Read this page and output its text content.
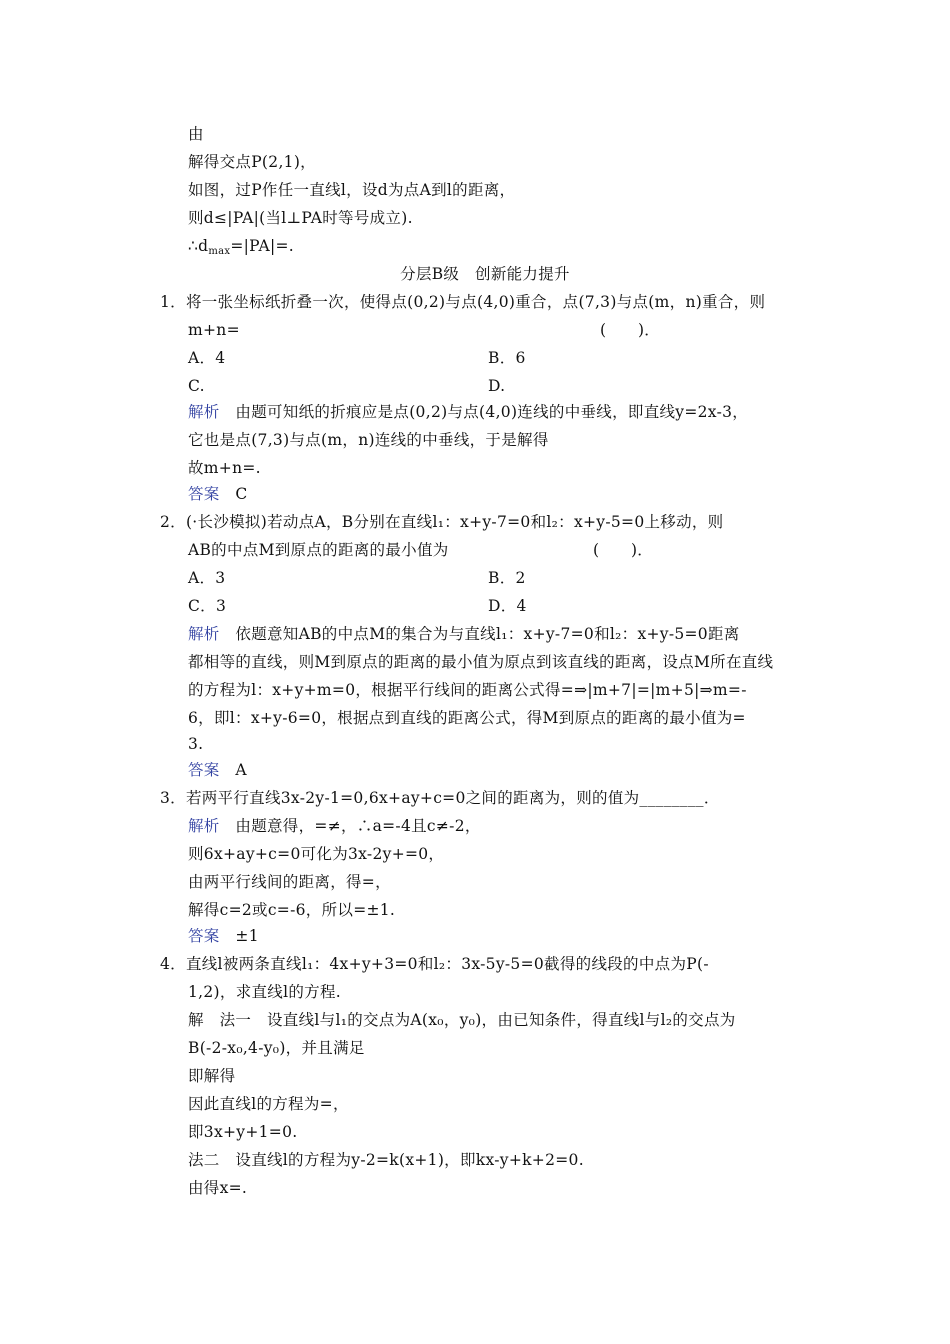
由
解得交点P(2,1)，
如图，过P作任一直线l，设d为点A到l的距离，
则d≤|PA|(当l⊥PA时等号成立).
$\therefore d_{max}=|PA|=$.
分层B级　创新能力提升
1．将一张坐标纸折叠一次，使得点(0,2)与点(4,0)重合，点(7,3)与点(m，n)重合，则
m+n=	(　　)．
A．4	B．6
C.	D.
解析　由题可知纸的折痕应是点(0,2)与点(4,0)连线的中垂线，即直线y=2x-3，
它也是点(7,3)与点(m，n)连线的中垂线，于是解得
故m+n=.
答案　C
2．(·长沙模拟)若动点A，B分别在直线l₁：x+y-7=0和l₂：x+y-5=0上移动，则
AB的中点M到原点的距离的最小值为	(　　)．
A．3	B．2
C．3	D．4
解析　依题意知AB的中点M的集合为与直线l₁：x+y-7=0和l₂：x+y-5=0距离
都相等的直线，则M到原点的距离的最小值为原点到该直线的距离，设点M所在直线
的方程为l：x+y+m=0，根据平行线间的距离公式得=⇒|m+7|=|m+5|⇒m=-
6，即l：x+y-6=0，根据点到直线的距离公式，得M到原点的距离的最小值为=
3.
答案　A
3．若两平行直线3x-2y-1=0,6x+ay+c=0之间的距离为，则的值为________．
解析　由题意得，=≠，∴a=-4且c≠-2，
则6x+ay+c=0可化为3x-2y+=0，
由两平行线间的距离，得=，
解得c=2或c=-6，所以=±1.
答案　±1
4．直线l被两条直线l₁：4x+y+3=0和l₂：3x-5y-5=0截得的线段的中点为P(-
1,2)，求直线l的方程.
解　法一　设直线l与l₁的交点为A(x₀，y₀)，由已知条件，得直线l与l₂的交点为
B(-2-x₀,4-y₀)，并且满足
即解得
因此直线l的方程为=，
即3x+y+1=0.
法二　设直线l的方程为y-2=k(x+1)，即kx-y+k+2=0.
由得x=.
